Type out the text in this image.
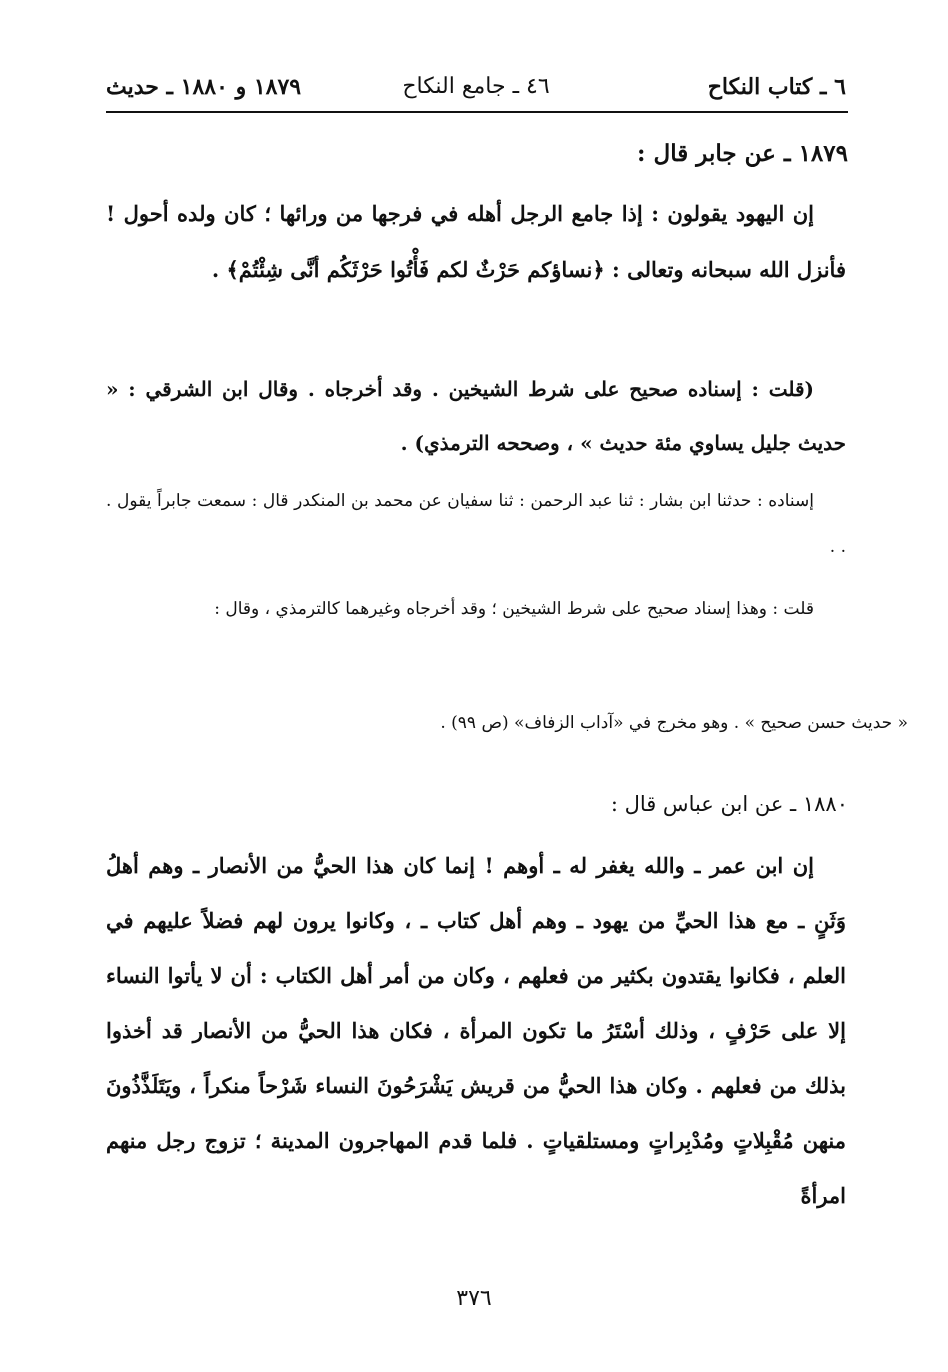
٦ ـ كتاب النكاح
٤٦ ـ جامع النكاح
١٨٧٩ و ١٨٨٠ ـ حديث
١٨٧٩ ـ عن جابر قال :
إن اليهود يقولون : إذا جامع الرجل أهله في فرجها من ورائها ؛ كان ولده أحول ! فأنزل الله سبحانه وتعالى : ﴿نساؤكم حَرْثٌ لكم فَأْتُوا حَرْثَكُم أنَّى شِئْتُمْ﴾ .
(قلت : إسناده صحيح على شرط الشيخين . وقد أخرجاه . وقال ابن الشرقي : « حديث جليل يساوي مئة حديث » ، وصححه الترمذي) .
إسناده : حدثنا ابن بشار : ثنا عبد الرحمن : ثنا سفيان عن محمد بن المنكدر قال : سمعت جابراً يقول . . .
قلت : وهذا إسناد صحيح على شرط الشيخين ؛ وقد أخرجاه وغيرهما كالترمذي ، وقال :
« حديث حسن صحيح » . وهو مخرج في «آداب الزفاف» (ص ٩٩) .
١٨٨٠ ـ عن ابن عباس قال :
إن ابن عمر ـ والله يغفر له ـ أوهم ! إنما كان هذا الحيُّ من الأنصار ـ وهم أهلُ وَثَنٍ ـ مع هذا الحيِّ من يهود ـ وهم أهل كتاب ـ ، وكانوا يرون لهم فضلاً عليهم في العلم ، فكانوا يقتدون بكثير من فعلهم ، وكان من أمر أهل الكتاب : أن لا يأتوا النساء إلا على حَرْفٍ ، وذلك أسْتَرُ ما تكون المرأة ، فكان هذا الحيُّ من الأنصار قد أخذوا بذلك من فعلهم . وكان هذا الحيُّ من قريش يَشْرَحُونَ النساء شَرْحاً منكراً ، ويَتَلَذَّذُونَ منهن مُقْبِلاتٍ ومُدْبِراتٍ ومستلقياتٍ . فلما قدم المهاجرون المدينة ؛ تزوج رجل منهم امرأةً
٣٧٦
